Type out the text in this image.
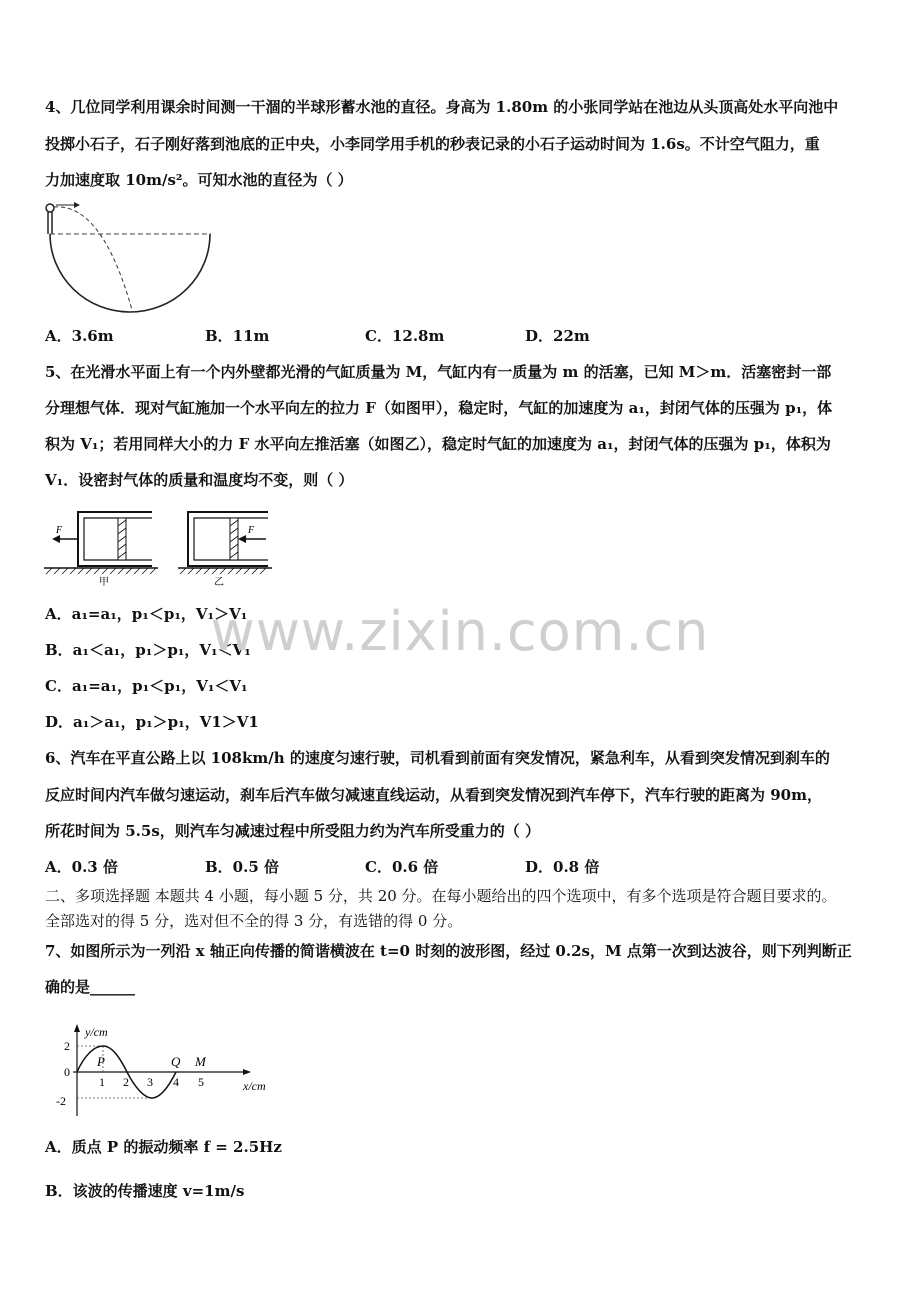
4、几位同学利用课余时间测一干涸的半球形蓄水池的直径。身高为 1.80m 的小张同学站在池边从头顶高处水平向池中
投掷小石子，石子刚好落到池底的正中央，小李同学用手机的秒表记录的小石子运动时间为 1.6s。不计空气阻力，重
力加速度取 10m/s²。可知水池的直径为（ ）
A．3.6m	B．11m	C．12.8m	D．22m
5、在光滑水平面上有一个内外壁都光滑的气缸质量为 M，气缸内有一质量为 m 的活塞，已知 M＞m．活塞密封一部
分理想气体．现对气缸施加一个水平向左的拉力 F（如图甲），稳定时，气缸的加速度为 a₁，封闭气体的压强为 p₁，体
积为 V₁；若用同样大小的力 F 水平向左推活塞（如图乙），稳定时气缸的加速度为 a₁，封闭气体的压强为 p₁，体积为
V₁．设密封气体的质量和温度均不变，则（ ）
F
甲
F
乙
A．a₁=a₁，p₁＜p₁，V₁＞V₁
B．a₁＜a₁，p₁＞p₁，V₁＜V₁
C．a₁=a₁，p₁＜p₁，V₁＜V₁
D．a₁＞a₁，p₁＞p₁，V1＞V1
www.zixin.com.cn
6、汽车在平直公路上以 108km/h 的速度匀速行驶，司机看到前面有突发情况，紧急利车，从看到突发情况到刹车的
反应时间内汽车做匀速运动，刹车后汽车做匀减速直线运动，从看到突发情况到汽车停下，汽车行驶的距离为 90m，
所花时间为 5.5s，则汽车匀减速过程中所受阻力约为汽车所受重力的（ ）
A．0.3 倍	B．0.5 倍	C．0.6 倍	D．0.8 倍
二、多项选择题 本题共 4 小题，每小题 5 分，共 20 分。在每小题给出的四个选项中，有多个选项是符合题目要求的。
全部选对的得 5 分，选对但不全的得 3 分，有选错的得 0 分。
7、如图所示为一列沿 x 轴正向传播的简谐横波在 t=0 时刻的波形图，经过 0.2s，M 点第一次到达波谷，则下列判断正
确的是______
y/cm
x/cm
2
0
-2
1 2 3 4 5
P	Q M
A．质点 P 的振动频率 f = 2.5Hz
B．该波的传播速度 v=1m/s
